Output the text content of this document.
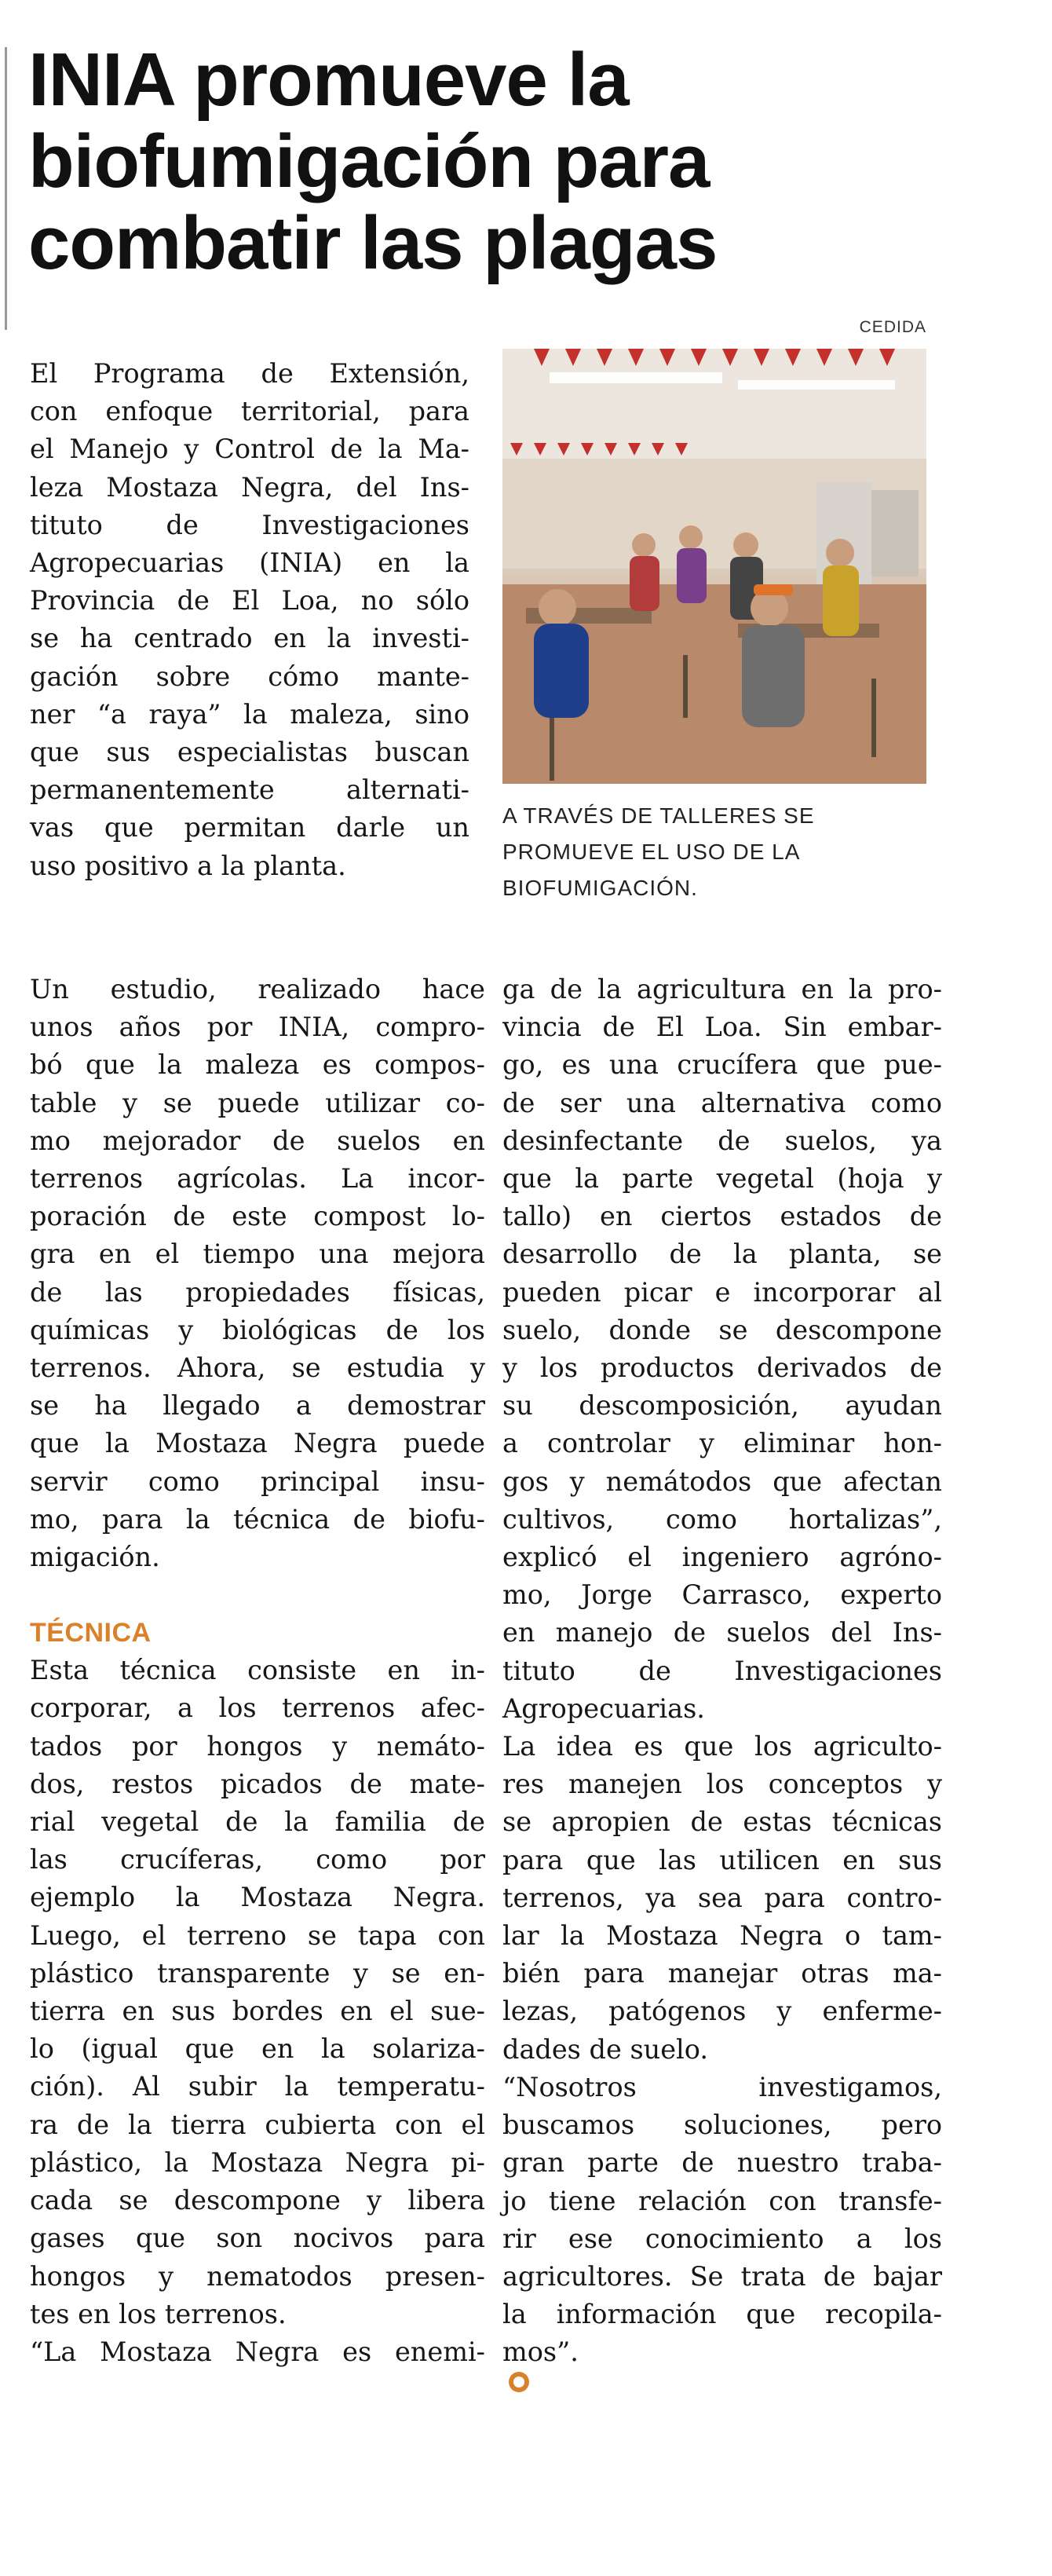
INIA promueve la
biofumigación para
combatir las plagas
CEDIDA
A TRAVÉS DE TALLERES SE
PROMUEVE EL USO DE LA
BIOFUMIGACIÓN.
El Programa de Extensión,
con enfoque territorial, para
el Manejo y Control de la Ma-
leza Mostaza Negra, del Ins-
tituto de Investigaciones
Agropecuarias (INIA) en la
Provincia de El Loa, no sólo
se ha centrado en la investi-
gación sobre cómo mante-
ner “a raya” la maleza, sino
que sus especialistas buscan
permanentemente alternati-
vas que permitan darle un
uso positivo a la planta.
Un estudio, realizado hace
unos años por INIA, compro-
bó que la maleza es compos-
table y se puede utilizar co-
mo mejorador de suelos en
terrenos agrícolas. La incor-
poración de este compost lo-
gra en el tiempo una mejora
de las propiedades físicas,
químicas y biológicas de los
terrenos. Ahora, se estudia y
se ha llegado a demostrar
que la Mostaza Negra puede
servir como principal insu-
mo, para la técnica de biofu-
migación.
TÉCNICA
Esta técnica consiste en in-
corporar, a los terrenos afec-
tados por hongos y nemáto-
dos, restos picados de mate-
rial vegetal de la familia de
las crucíferas, como por
ejemplo la Mostaza Negra.
Luego, el terreno se tapa con
plástico transparente y se en-
tierra en sus bordes en el sue-
lo (igual que en la solariza-
ción). Al subir la temperatu-
ra de la tierra cubierta con el
plástico, la Mostaza Negra pi-
cada se descompone y libera
gases que son nocivos para
hongos y nematodos presen-
tes en los terrenos.
“La Mostaza Negra es enemi-
ga de la agricultura en la pro-
vincia de El Loa. Sin embar-
go, es una crucífera que pue-
de ser una alternativa como
desinfectante de suelos, ya
que la parte vegetal (hoja y
tallo) en ciertos estados de
desarrollo de la planta, se
pueden picar e incorporar al
suelo, donde se descompone
y los productos derivados de
su descomposición, ayudan
a controlar y eliminar hon-
gos y nemátodos que afectan
cultivos, como hortalizas”,
explicó el ingeniero agróno-
mo, Jorge Carrasco, experto
en manejo de suelos del Ins-
tituto de Investigaciones
Agropecuarias.
La idea es que los agriculto-
res manejen los conceptos y
se apropien de estas técnicas
para que las utilicen en sus
terrenos, ya sea para contro-
lar la Mostaza Negra o tam-
bién para manejar otras ma-
lezas, patógenos y enferme-
dades de suelo.
“Nosotros investigamos,
buscamos soluciones, pero
gran parte de nuestro traba-
jo tiene relación con transfe-
rir ese conocimiento a los
agricultores. Se trata de bajar
la información que recopila-
mos”.
